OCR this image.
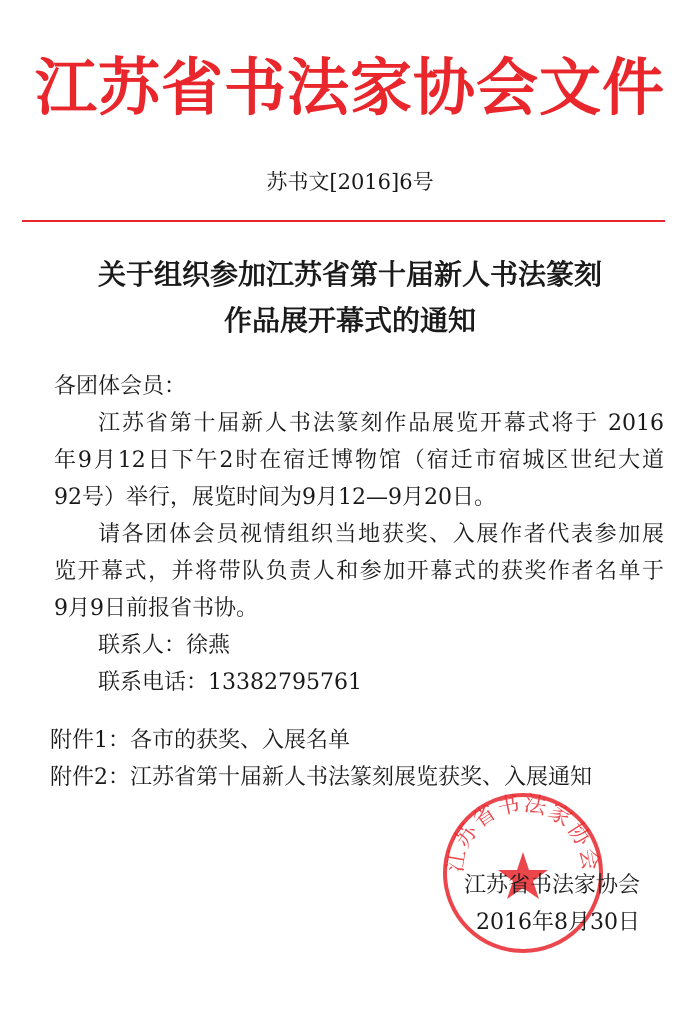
江苏省书法家协会文件
苏书文[2016]6号
关于组织参加江苏省第十届新人书法篆刻
作品展开幕式的通知
各团体会员：
江苏省第十届新人书法篆刻作品展览开幕式将于 2016
年9月12日下午2时在宿迁博物馆（宿迁市宿城区世纪大道
92号）举行，展览时间为9月12—9月20日。
请各团体会员视情组织当地获奖、入展作者代表参加展
览开幕式，并将带队负责人和参加开幕式的获奖作者名单于
9月9日前报省书协。
联系人：徐燕
联系电话：13382795761
附件1：各市的获奖、入展名单
附件2：江苏省第十届新人书法篆刻展览获奖、入展通知
江苏省书法家协会
江苏省书法家协会
2016年8月30日
